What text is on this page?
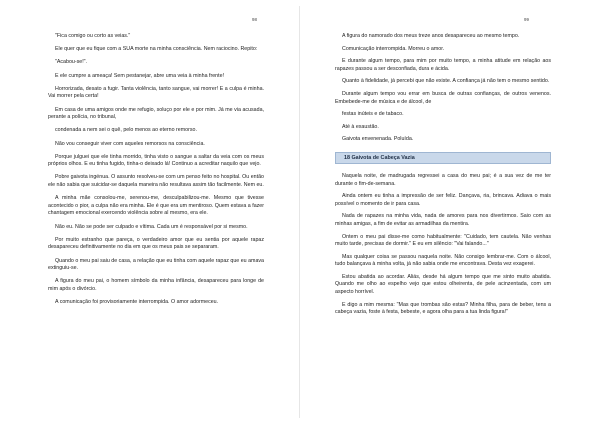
98

"Fica comigo ou corto as veias."

Ele quer que eu fique com a SUA morte na minha consciência. Nem raciocino. Repito:

"Acabou-se!".

E ele cumpre a ameaça! Sem pestanejar, abre uma veia à minha frente!

Horrorizada, desato a fugir. Tanta violência, tanto sangue, vai morrer! E a culpa é minha. Vai morrer pela certa!

Em casa de uma amigos onde me refugio, soluço por ele e por mim. Já me via acusada, perante a polícia, no tribunal,

condenada a nem sei o quê, pelo menos ao eterno remorso.

Não vou conseguir viver com aqueles remorsos na consciência.

Porque julguei que ele tinha morrido, tinha visto o sangue a saltar da veia com os meus próprios olhos. E eu tinha fugido, tinha-o deixado lá! Continuo a acreditar naquilo que vejo.

Pobre gaivota ingénua. O assunto resolveu-se com um penso feito no hospital. Ou então ele não sabia que suicidar-se daquela maneira não resultava assim tão facilmente. Nem eu.

A minha mãe consolou-me, serenou-me, desculpabilizou-me. Mesmo que tivesse acontecido o pior, a culpa não era minha. Ele é que era um mentiroso. Quem estava a fazer chantagem emocional exercendo violência sobre al mesmo, era ele.

Não eu. Não se pode ser culpado e vítima. Cada um é responsável por si mesmo.

Por muito estranho que pareça, o verdadeiro amor que eu sentia por aquele rapaz desapareceu definitivamente no dia em que os meus pais se separaram.

Quando o meu pai saiu de casa, a relação que eu tinha com aquele rapaz que eu amava extinguiu-se.

A figura do meu pai, o homem símbolo da minha infância, desapareceu para longe de mim após o divórcio.

A comunicação foi provisoriamente interrompida. O amor adormeceu.

99

A figura do namorado dos meus treze anos desapareceu ao mesmo tempo.

Comunicação interrompida. Morreu o amor.

E durante algum tempo, para mim por muito tempo, a minha atitude em relação aos rapazes passou a ser desconfiada, dura e ácida.

Quanto à fidelidade, já percebi que não existe. A confiança já não tem o mesmo sentido.

Durante algum tempo vou errar em busca de outras confianças, de outros venenos. Embebede-me de música e de álcool, de

festas inúteis e de tabaco.

Até à exaustão.

Gaivota envenenada. Poluída.

18 Gaivota de Cabeça Vazia

Naquela noite, de madrugada regressei a casa do meu pai; é a sua vez de me ter durante o fim-de-semana.

Ainda ontem eu tinha a impressão de ser feliz. Dançava, ria, brincava. Adiava o mais possível o momento de ir para casa.

Nada de rapazes na minha vida, nada de amores para nos divertirmos. Saio com as minhas amigas, a fim de evitar as armadilhas da mentira.

Ontem o meu pai disse-me como habitualmente: "Cuidado, tem cautela. Não venhas muito tarde, precisas de dormir." E eu em silêncio: "Vai falando..."

Mas qualquer coisa se passou naquela noite. Não consigo lembrar-me. Com o álcool, tudo balançava à minha volta, já não sabia onde me encontrava. Desta vez exagerei.

Estou abatida ao acordar. Aliás, desde há algum tempo que me sinto muito abatida. Quando me olho ao espelho vejo que estou olheirenta, de pele acinzentada, com um aspecto horrível.

E digo a mim mesma: "Mas que trombas são estas? Minha filha, para de beber, tens a cabeça vazia, foste à festa, bebeste, e agora olha para a tua linda figura!"
